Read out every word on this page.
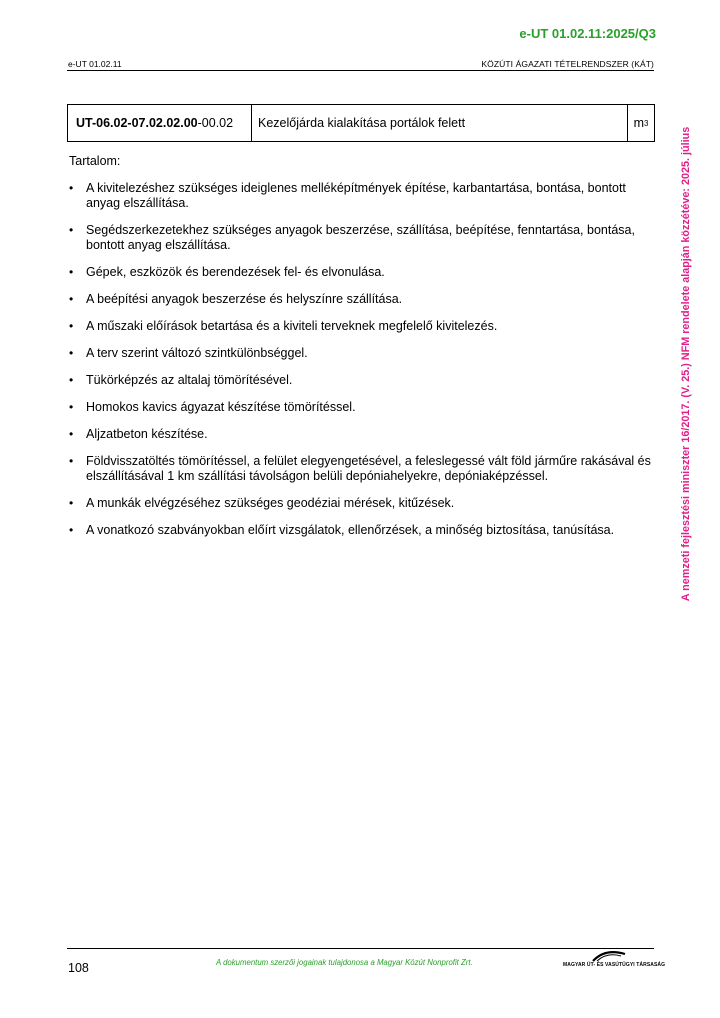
e-UT 01.02.11:2025/Q3
e-UT 01.02.11	KÖZÚTI ÁGAZATI TÉTELRENDSZER (KÁT)
UT-06.02-07.02.02.00 -00.02	Kezelőjárda kialakítása portálok felett	m 3
Tartalom:
• A kivitelezéshez szükséges ideiglenes melléképítmények építése, karbantartása, bontása, bontott anyag elszállítása.
• Segédszerkezetekhez szükséges anyagok beszerzése, szállítása, beépítése, fenntartása, bontása, bontott anyag elszállítása.
• Gépek, eszközök és berendezések fel- és elvonulása.
• A beépítési anyagok beszerzése és helyszínre szállítása.
• A műszaki előírások betartása és a kiviteli terveknek megfelelő kivitelezés.
• A terv szerint változó szintkülönbséggel.
• Tükörképzés az altalaj tömörítésével.
• Homokos kavics ágyazat készítése tömörítéssel.
• Aljzatbeton készítése.
• Földvisszatöltés tömörítéssel, a felület elegyengetésével, a feleslegessé vált föld járműre rakásával és elszállításával 1 km szállítási távolságon belüli depóniahelyekre, depóniaképzéssel.
• A munkák elvégzéséhez szükséges geodéziai mérések, kitűzések.
• A vonatkozó szabványokban előírt vizsgálatok, ellenőrzések, a minőség biztosítása, tanúsítása.	A nemzeti fejlesztési miniszter 16/2017. (V. 25.) NFM rendelete alapján közzétéve: 2025. július
108	A dokumentum szerzői jogainak tulajdonosa a Magyar Közút Nonprofit Zrt.	MAGYAR ÚT- ÉS VASÚTÜGYI TÁRSASÁG
